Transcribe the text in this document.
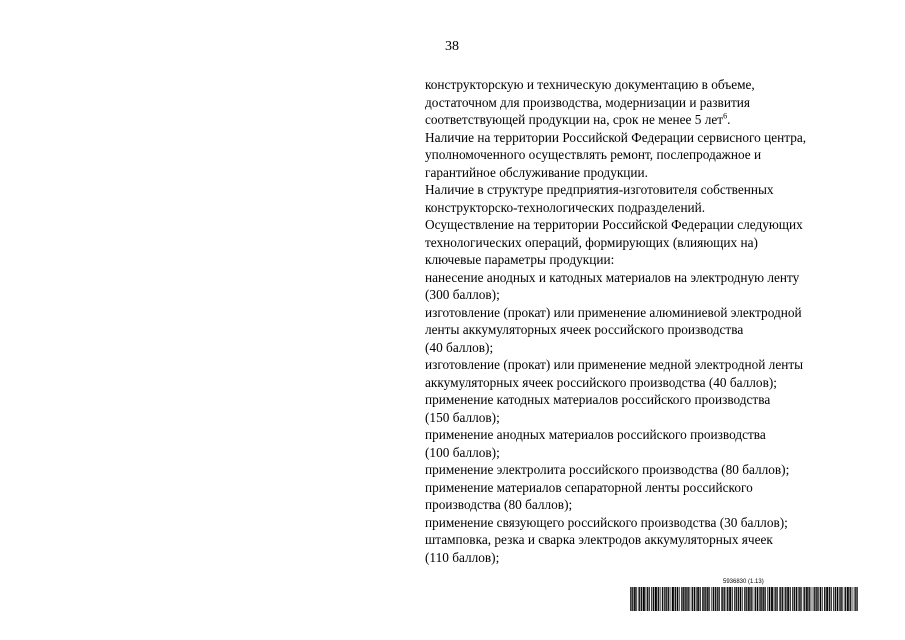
38
конструкторскую и техническую документацию в объеме,
достаточном для производства, модернизации и развития
соответствующей продукции на, срок не менее 5 лет$^6$.
Наличие на территории Российской Федерации сервисного центра,
уполномоченного осуществлять ремонт, послепродажное и
гарантийное обслуживание продукции.
Наличие в структуре предприятия-изготовителя собственных
конструкторско-технологических подразделений.
Осуществление на территории Российской Федерации следующих
технологических операций, формирующих (влияющих на)
ключевые параметры продукции:
нанесение анодных и катодных материалов на электродную ленту
(300 баллов);
изготовление (прокат) или применение алюминиевой электродной
ленты аккумуляторных ячеек российского производства
(40 баллов);
изготовление (прокат) или применение медной электродной ленты
аккумуляторных ячеек российского производства (40 баллов);
применение катодных материалов российского производства
(150 баллов);
применение анодных материалов российского производства
(100 баллов);
применение электролита российского производства (80 баллов);
применение материалов сепараторной ленты российского
производства (80 баллов);
применение связующего российского производства (30 баллов);
штамповка, резка и сварка электродов аккумуляторных ячеек
(110 баллов);
5936830 (1.13)
